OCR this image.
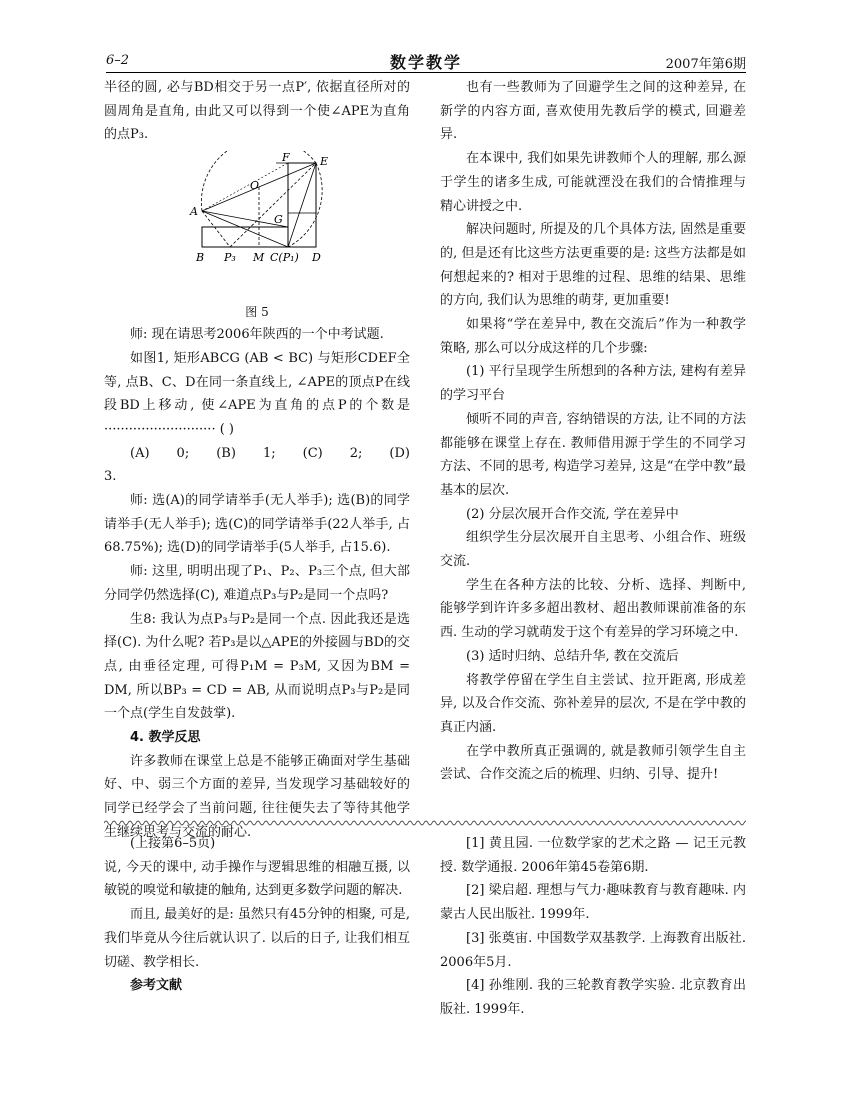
6–2	数学教学	2007年第6期

半径的圆, 必与BD相交于另一点P′, 依据直径所对的圆周角是直角, 由此又可以得到一个使∠APE为直角的点P₃.

F	E
O
G
A
B P₃ M C(P₁) D
图 5

师: 现在请思考2006年陕西的一个中考试题.

如图1, 矩形ABCG (AB < BC) 与矩形CDEF全等, 点B、C、D在同一条直线上, ∠APE的顶点P在线段BD上移动, 使∠APE为直角的点P的个数是··························· ( )

(A) 0; (B) 1; (C) 2; (D) 3.

师: 选(A)的同学请举手(无人举手); 选(B)的同学请举手(无人举手); 选(C)的同学请举手(22人举手, 占68.75%); 选(D)的同学请举手(5人举手, 占15.6).

师: 这里, 明明出现了P₁、P₂、P₃三个点, 但大部分同学仍然选择(C), 难道点P₃与P₂是同一个点吗?

生8: 我认为点P₃与P₂是同一个点. 因此我还是选择(C). 为什么呢? 若P₃是以△APE的外接圆与BD的交点, 由垂径定理, 可得P₁M = P₃M, 又因为BM = DM, 所以BP₃ = CD = AB, 从而说明点P₃与P₂是同一个点(学生自发鼓掌).

4. 教学反思

许多教师在课堂上总是不能够正确面对学生基础好、中、弱三个方面的差异, 当发现学习基础较好的同学已经学会了当前问题, 往往便失去了等待其他学生继续思考与交流的耐心.

也有一些教师为了回避学生之间的这种差异, 在新学的内容方面, 喜欢使用先教后学的模式, 回避差异.

在本课中, 我们如果先讲教师个人的理解, 那么源于学生的诸多生成, 可能就湮没在我们的合情推理与精心讲授之中.

解决问题时, 所提及的几个具体方法, 固然是重要的, 但是还有比这些方法更重要的是: 这些方法都是如何想起来的? 相对于思维的过程、思维的结果、思维的方向, 我们认为思维的萌芽, 更加重要!

如果将“学在差异中, 教在交流后”作为一种教学策略, 那么可以分成这样的几个步骤:

(1) 平行呈现学生所想到的各种方法, 建构有差异的学习平台

倾听不同的声音, 容纳错误的方法, 让不同的方法都能够在课堂上存在. 教师借用源于学生的不同学习方法、不同的思考, 构造学习差异, 这是“在学中教”最基本的层次.

(2) 分层次展开合作交流, 学在差异中

组织学生分层次展开自主思考、小组合作、班级交流.

学生在各种方法的比较、分析、选择、判断中, 能够学到许许多多超出教材、超出教师课前准备的东西. 生动的学习就萌发于这个有差异的学习环境之中.

(3) 适时归纳、总结升华, 教在交流后

将教学停留在学生自主尝试、拉开距离, 形成差异, 以及合作交流、弥补差异的层次, 不是在学中教的真正内涵.

在学中教所真正强调的, 就是教师引领学生自主尝试、合作交流之后的梳理、归纳、引导、提升!

(上接第6–5页)

说, 今天的课中, 动手操作与逻辑思维的相融互摄, 以敏锐的嗅觉和敏捷的触角, 达到更多数学问题的解决.

而且, 最美好的是: 虽然只有45分钟的相聚, 可是, 我们毕竟从今往后就认识了. 以后的日子, 让我们相互切磋、教学相长.

参考文献

[1] 黄且园. 一位数学家的艺术之路 — 记王元教授. 数学通报. 2006年第45卷第6期.

[2] 梁启超. 理想与气力·趣味教育与教育趣味. 内蒙古人民出版社. 1999年.

[3] 张奠宙. 中国数学双基教学. 上海教育出版社. 2006年5月.

[4] 孙维刚. 我的三轮教育教学实验. 北京教育出版社. 1999年.
